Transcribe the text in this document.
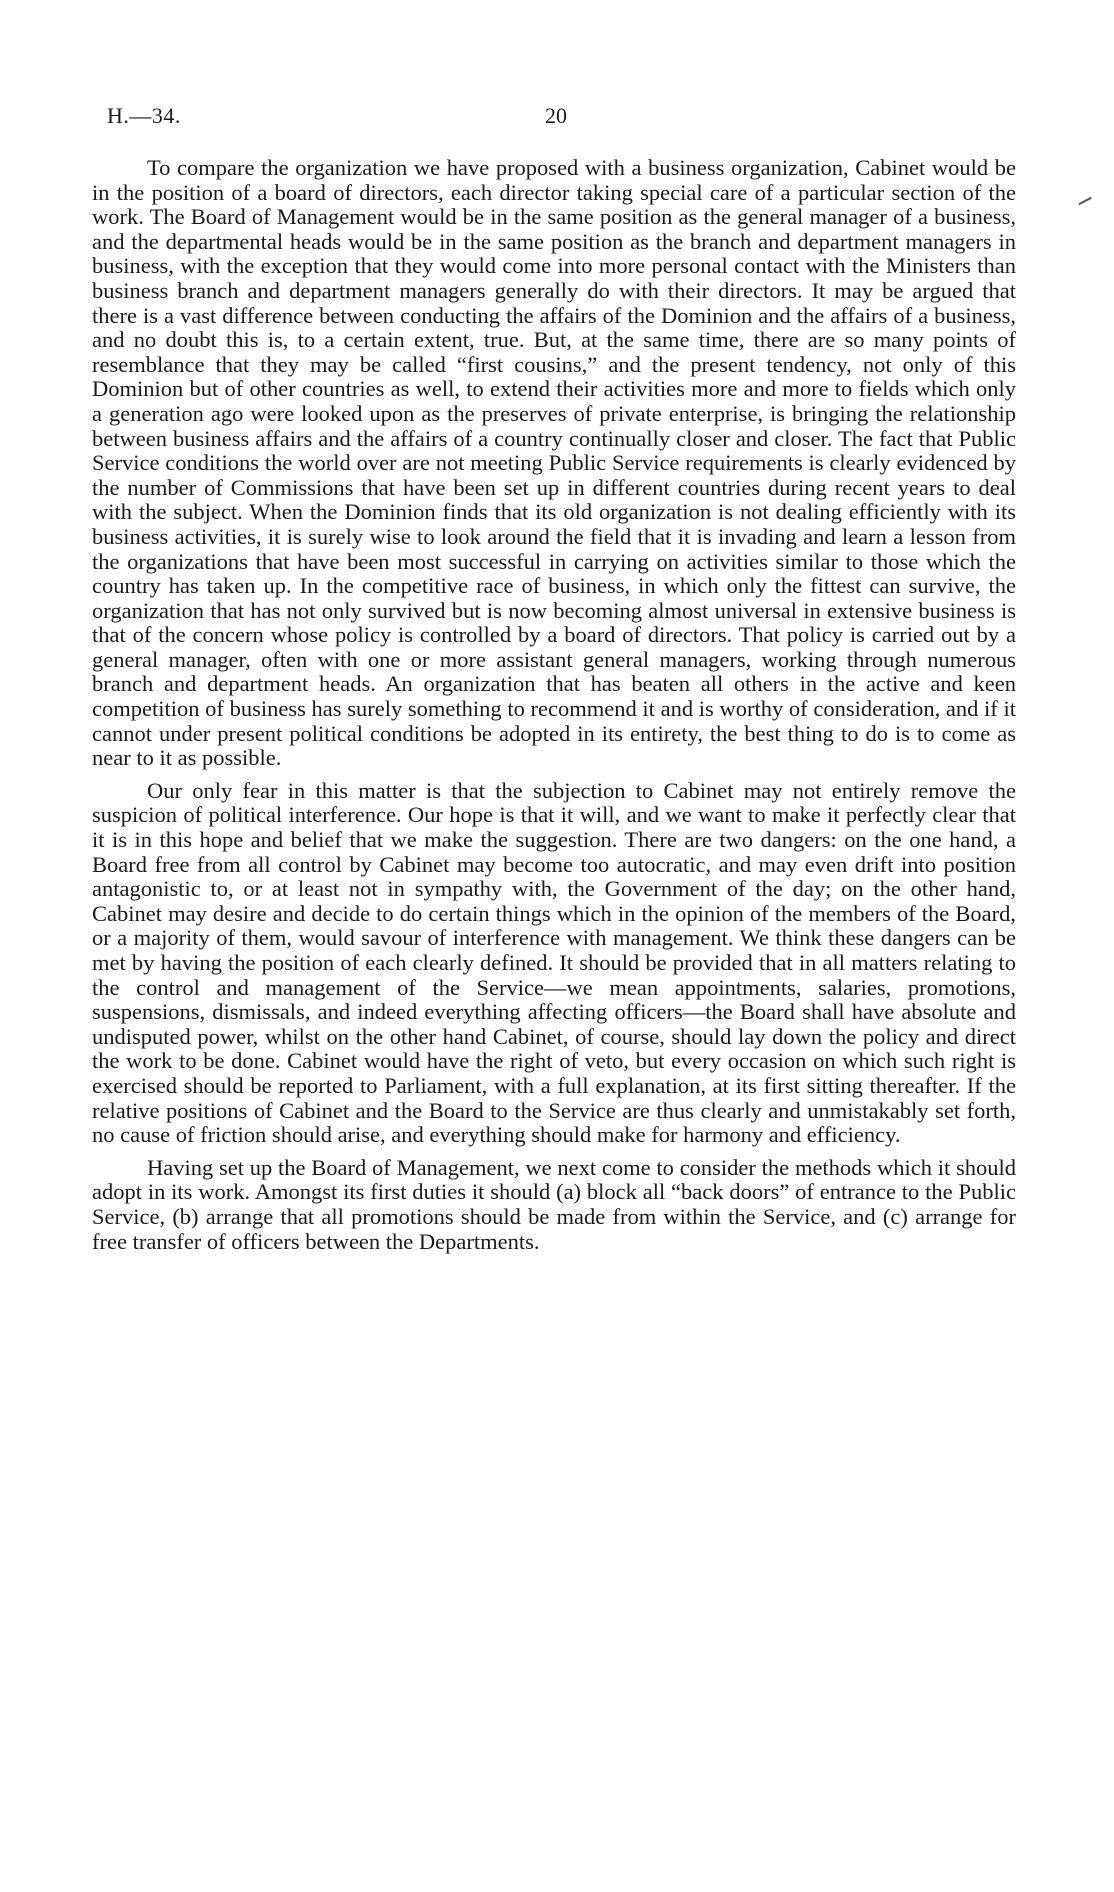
H.—34.	20

To compare the organization we have proposed with a business organization, Cabinet would be in the position of a board of directors, each director taking special care of a particular section of the work. The Board of Management would be in the same position as the general manager of a business, and the departmental heads would be in the same position as the branch and department managers in business, with the exception that they would come into more personal contact with the Ministers than business branch and department managers generally do with their directors. It may be argued that there is a vast difference between conducting the affairs of the Dominion and the affairs of a business, and no doubt this is, to a certain extent, true. But, at the same time, there are so many points of resemblance that they may be called “first cousins,” and the present tendency, not only of this Dominion but of other countries as well, to extend their activities more and more to fields which only a generation ago were looked upon as the preserves of private enterprise, is bringing the relationship between business affairs and the affairs of a country continually closer and closer. The fact that Public Service conditions the world over are not meeting Public Service requirements is clearly evidenced by the number of Commissions that have been set up in different countries during recent years to deal with the subject. When the Dominion finds that its old organization is not dealing efficiently with its business activities, it is surely wise to look around the field that it is invading and learn a lesson from the organizations that have been most successful in carrying on activities similar to those which the country has taken up. In the competitive race of business, in which only the fittest can survive, the organization that has not only survived but is now becoming almost universal in extensive business is that of the concern whose policy is controlled by a board of directors. That policy is carried out by a general manager, often with one or more assistant general managers, working through numerous branch and department heads. An organization that has beaten all others in the active and keen competition of business has surely something to recommend it and is worthy of consideration, and if it cannot under present political conditions be adopted in its entirety, the best thing to do is to come as near to it as possible.

Our only fear in this matter is that the subjection to Cabinet may not entirely remove the suspicion of political interference. Our hope is that it will, and we want to make it perfectly clear that it is in this hope and belief that we make the suggestion. There are two dangers: on the one hand, a Board free from all control by Cabinet may become too autocratic, and may even drift into position antagonistic to, or at least not in sympathy with, the Government of the day; on the other hand, Cabinet may desire and decide to do certain things which in the opinion of the members of the Board, or a majority of them, would savour of interference with management. We think these dangers can be met by having the position of each clearly defined. It should be provided that in all matters relating to the control and management of the Service—we mean appointments, salaries, promotions, suspensions, dismissals, and indeed everything affecting officers—the Board shall have absolute and undisputed power, whilst on the other hand Cabinet, of course, should lay down the policy and direct the work to be done. Cabinet would have the right of veto, but every occasion on which such right is exercised should be reported to Parliament, with a full explanation, at its first sitting thereafter. If the relative positions of Cabinet and the Board to the Service are thus clearly and unmistakably set forth, no cause of friction should arise, and everything should make for harmony and efficiency.

Having set up the Board of Management, we next come to consider the methods which it should adopt in its work. Amongst its first duties it should (a) block all “back doors” of entrance to the Public Service, (b) arrange that all promotions should be made from within the Service, and (c) arrange for free transfer of officers between the Departments.
